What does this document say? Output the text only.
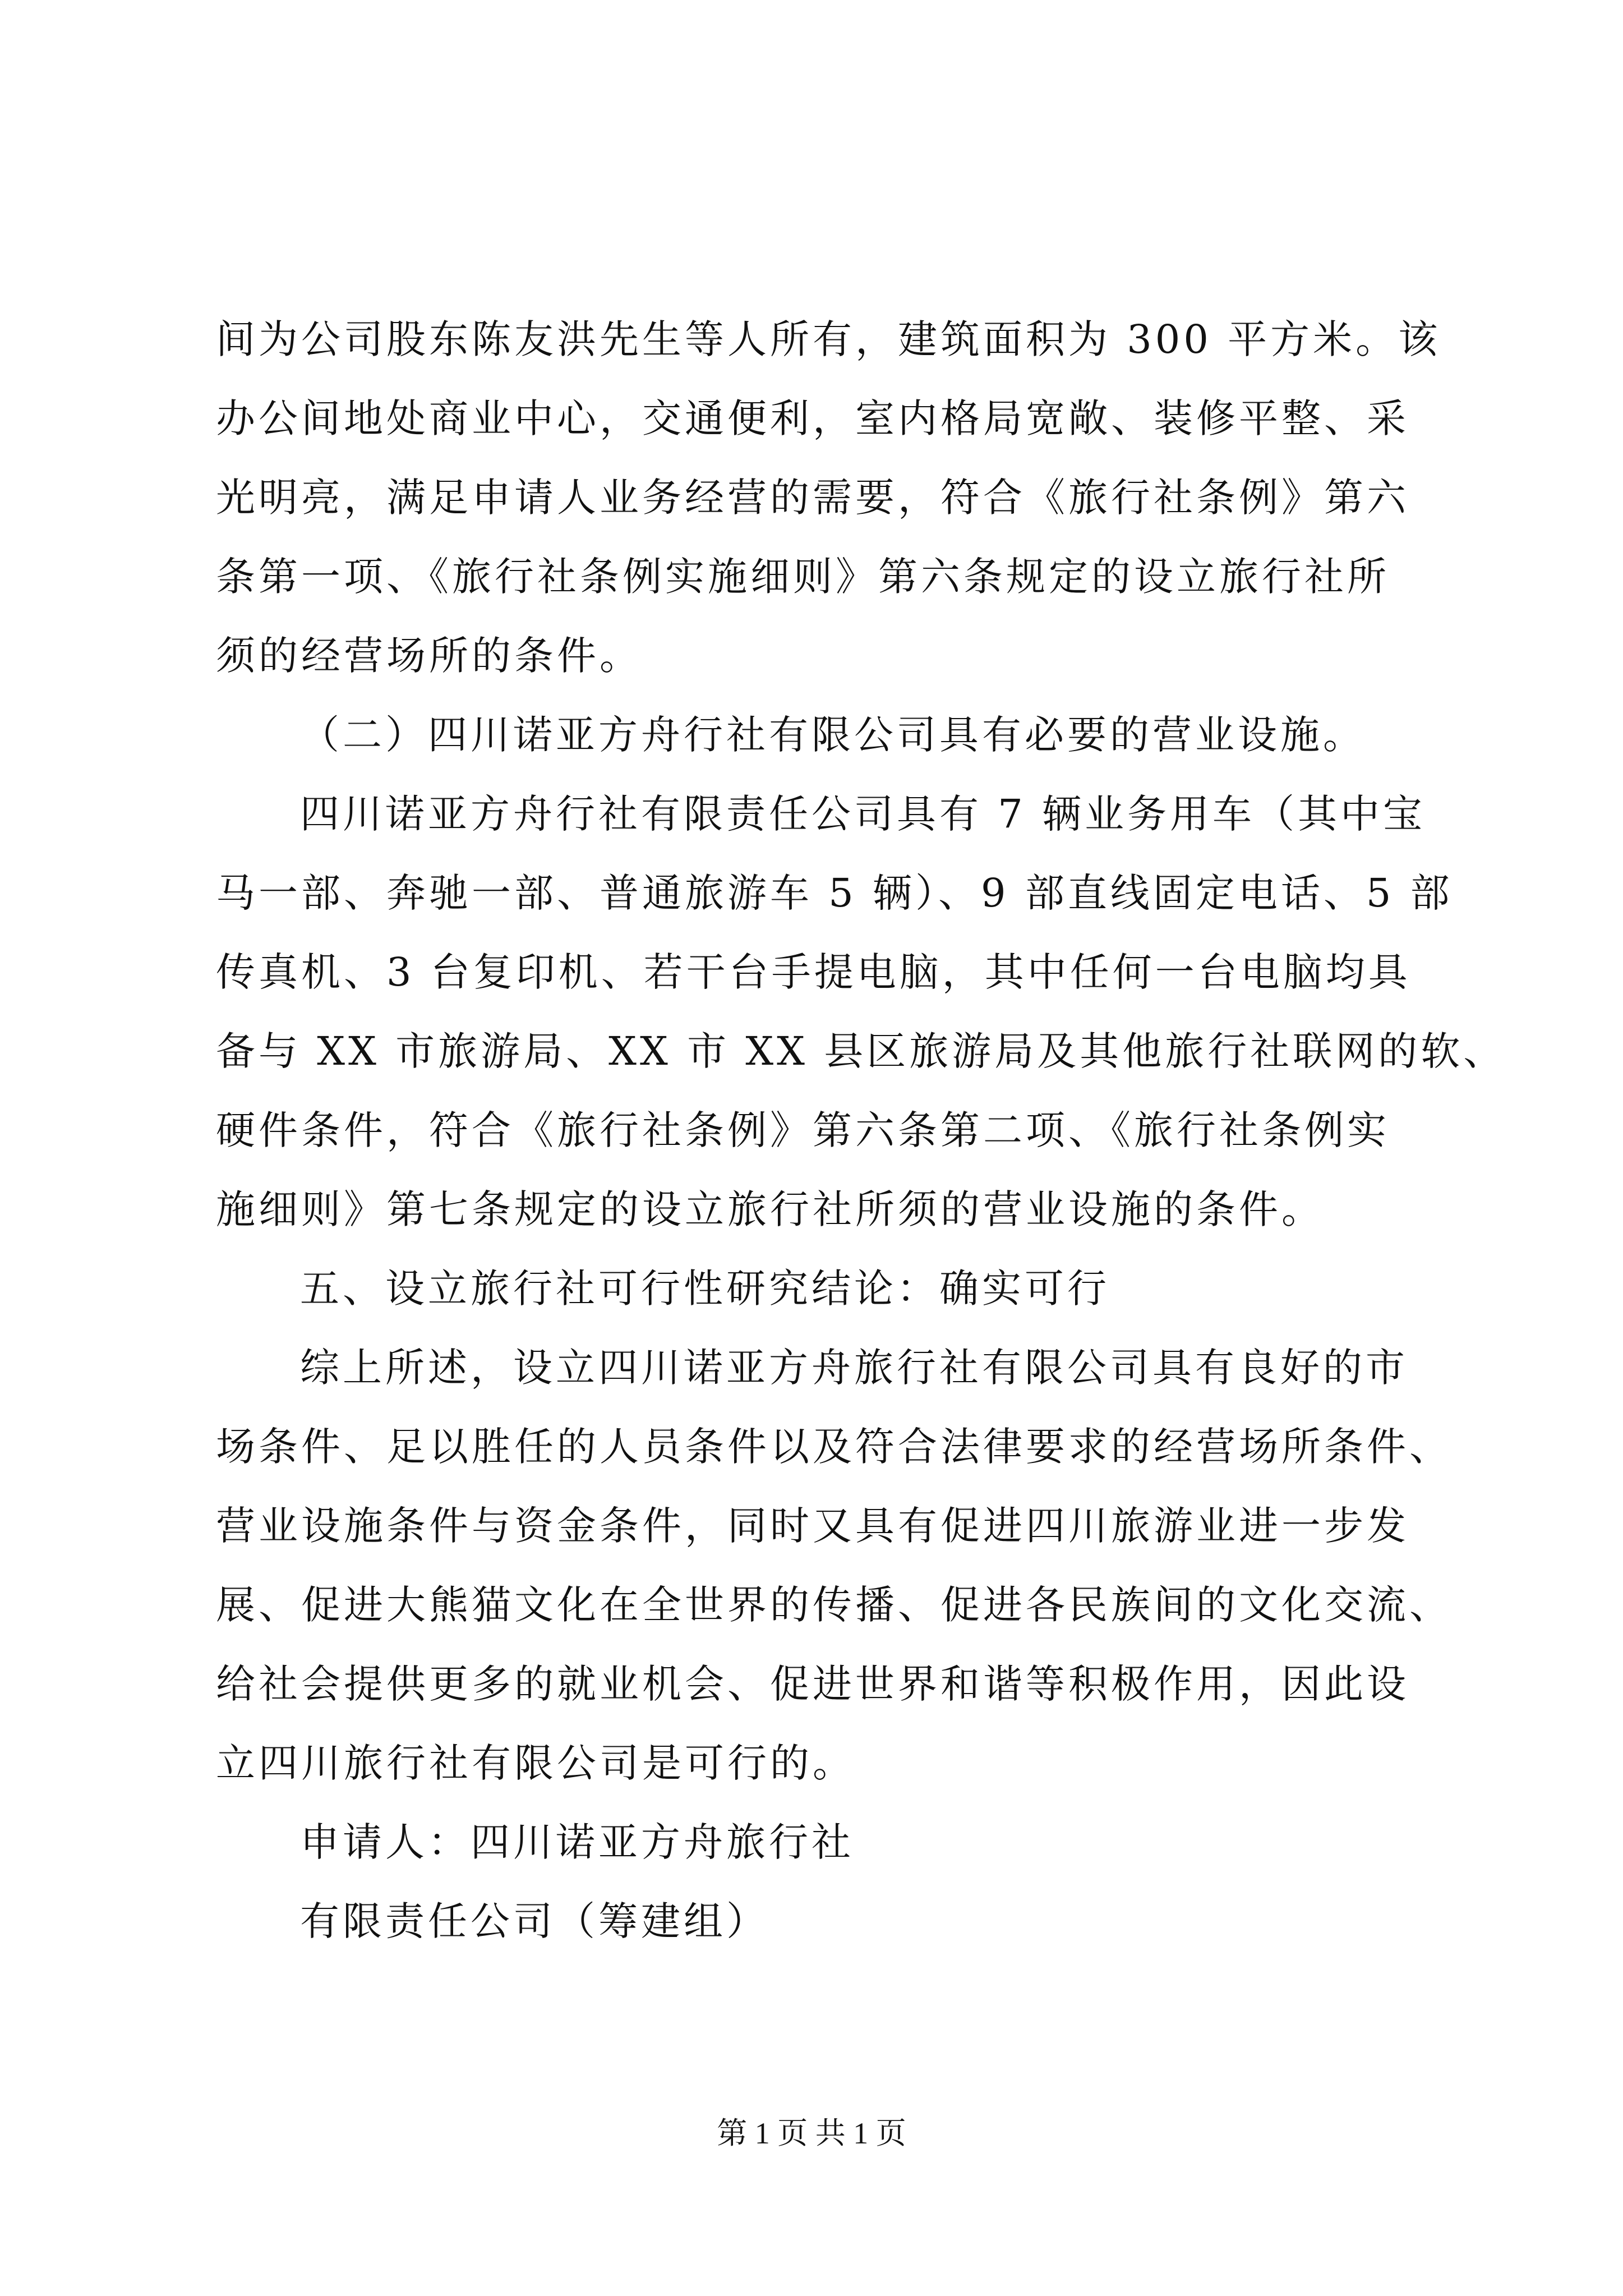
间为公司股东陈友洪先生等人所有，建筑面积为 300 平方米。该
办公间地处商业中心，交通便利，室内格局宽敞、装修平整、采
光明亮，满足申请人业务经营的需要，符合《旅行社条例》第六
条第一项、《旅行社条例实施细则》第六条规定的设立旅行社所
须的经营场所的条件。
（二）四川诺亚方舟行社有限公司具有必要的营业设施。
四川诺亚方舟行社有限责任公司具有 7 辆业务用车（其中宝
马一部、奔驰一部、普通旅游车 5 辆）、9 部直线固定电话、5 部
传真机、3 台复印机、若干台手提电脑，其中任何一台电脑均具
备与 XX 市旅游局、XX 市 XX 县区旅游局及其他旅行社联网的软、
硬件条件，符合《旅行社条例》第六条第二项、《旅行社条例实
施细则》第七条规定的设立旅行社所须的营业设施的条件。
五、设立旅行社可行性研究结论：确实可行
综上所述，设立四川诺亚方舟旅行社有限公司具有良好的市
场条件、足以胜任的人员条件以及符合法律要求的经营场所条件、
营业设施条件与资金条件，同时又具有促进四川旅游业进一步发
展、促进大熊猫文化在全世界的传播、促进各民族间的文化交流、
给社会提供更多的就业机会、促进世界和谐等积极作用，因此设
立四川旅行社有限公司是可行的。
申请人：四川诺亚方舟旅行社
有限责任公司（筹建组）
第 1 页 共 1 页
